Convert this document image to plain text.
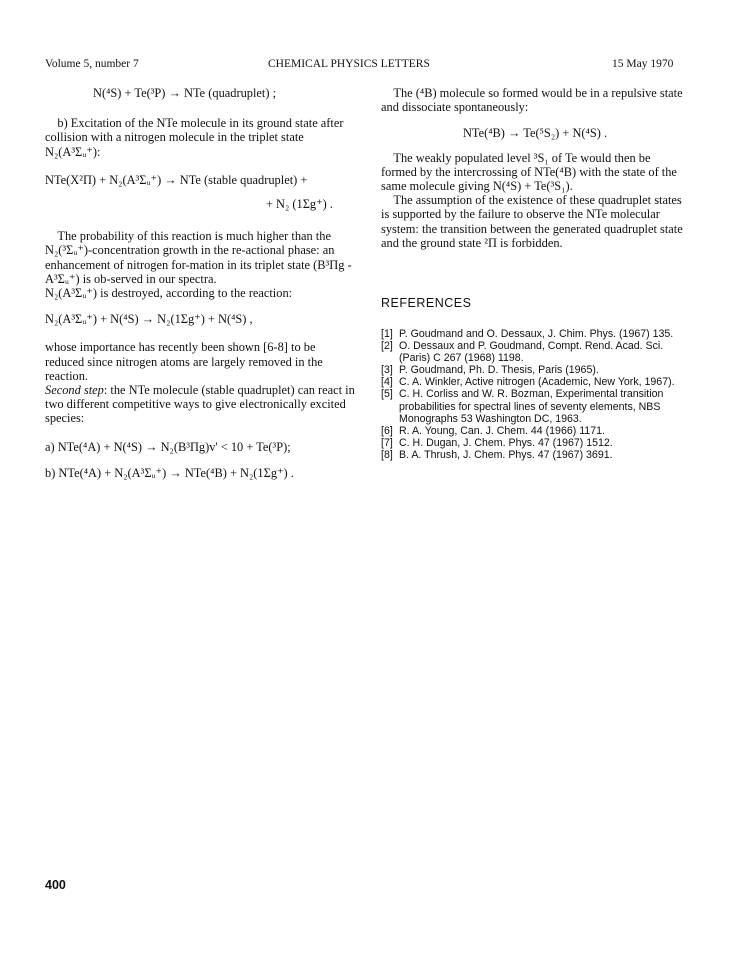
Volume 5, number 7	CHEMICAL PHYSICS LETTERS	15 May 1970

N(⁴S) + Te(³P) → NTe (quadruplet) ;

b) Excitation of the NTe molecule in its ground state after collision with a nitrogen molecule in the triplet state N₂(A³Σᵤ⁺):

NTe(X²Π) + N₂(A³Σᵤ⁺) → NTe (stable quadruplet) +

+ N₂ (1Σg⁺) .

The probability of this reaction is much higher than the N₂(³Σᵤ⁺)-concentration growth in the re-actional phase: an enhancement of nitrogen for-mation in its triplet state (B³Πg - A³Σᵤ⁺) is ob-served in our spectra.

N₂(A³Σᵤ⁺) is destroyed, according to the reaction:

N₂(A³Σᵤ⁺) + N(⁴S) → N₂(1Σg⁺) + N(⁴S) ,

whose importance has recently been shown [6-8] to be reduced since nitrogen atoms are largely removed in the reaction.

Second step: the NTe molecule (stable quadruplet) can react in two different competitive ways to give electronically excited species:

a) NTe(⁴A) + N(⁴S) → N₂(B³Πg)v' < 10 + Te(³P);

b) NTe(⁴A) + N₂(A³Σᵤ⁺) → NTe(⁴B) + N₂(1Σg⁺) .

The (⁴B) molecule so formed would be in a repulsive state and dissociate spontaneously:

NTe(⁴B) → Te(⁵S₂) + N(⁴S) .

The weakly populated level ³S₁ of Te would then be formed by the intercrossing of NTe(⁴B) with the state of the same molecule giving N(⁴S) + Te(³S₁).

The assumption of the existence of these quadruplet states is supported by the failure to observe the NTe molecular system: the transition between the generated quadruplet state and the ground state ²Π is forbidden.

REFERENCES
[1] P. Goudmand and O. Dessaux, J. Chim. Phys. (1967) 135.
[2] O. Dessaux and P. Goudmand, Compt. Rend. Acad. Sci. (Paris) C 267 (1968) 1198.
[3] P. Goudmand, Ph. D. Thesis, Paris (1965).
[4] C. A. Winkler, Active nitrogen (Academic, New York, 1967).
[5] C. H. Corliss and W. R. Bozman, Experimental transition probabilities for spectral lines of seventy elements, NBS Monographs 53 Washington DC, 1963.
[6] R. A. Young, Can. J. Chem. 44 (1966) 1171.
[7] C. H. Dugan, J. Chem. Phys. 47 (1967) 1512.
[8] B. A. Thrush, J. Chem. Phys. 47 (1967) 3691.
400
